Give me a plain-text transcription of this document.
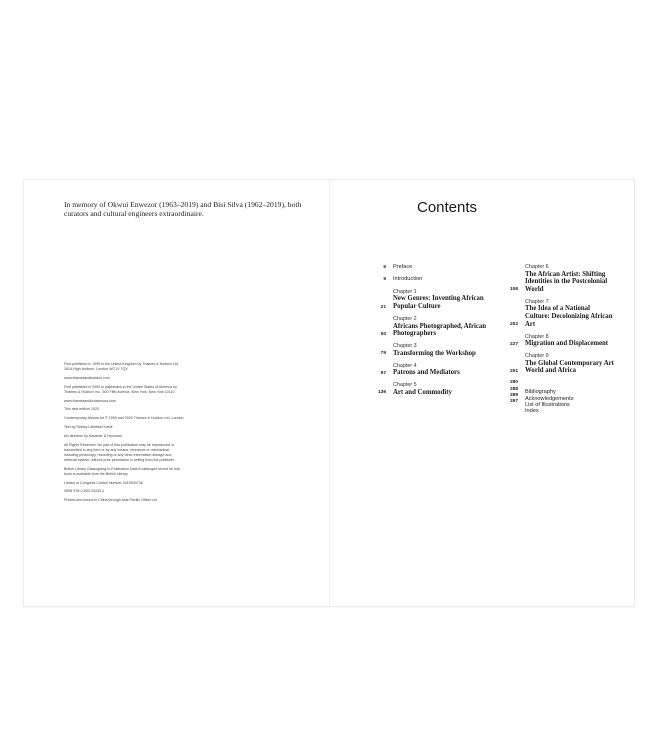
In memory of Okwui Enwezor (1963–2019) and Bisi Silva (1962–2019), both curators and cultural engineers extraordinaire.

First published in 1999 in the United Kingdom by Thames & Hudson Ltd, 181A High Holborn, London WC1V 7QX

www.thamesandhudson.com

First published in 2000 in paperback in the United States of America by Thames & Hudson Inc., 500 Fifth Avenue, New York, New York 10110

www.thamesandhudsonusa.com

This new edition 2020

Contemporary African Art © 1999 and 2020 Thames & Hudson Ltd, London

Text by Sidney Littlefield Kasfir

Art direction by Karamer & Hoorman

All Rights Reserved. No part of this publication may be reproduced or transmitted in any form or by any means, electronic or mechanical, including photocopy, recording or any other information storage and retrieval system, without prior permission in writing from the publisher.

British Library Cataloguing-in-Publication Data A catalogue record for this book is available from the British Library

Library of Congress Control Number 2019940728

ISBN 978-0-500-20433-1

Printed and bound in China through Asia Pacific Offset Ltd

Contents
6 Preface
9 Introduction
21
Chapter 1
New Genres: Inventing African Popular Culture
50
Chapter 2
Africans Photographed, African Photographers
79
Chapter 3
Transforming the Workshop
97
Chapter 4
Patrons and Mediators
136
Chapter 5
Art and Commodity
158
Chapter 6
The African Artist: Shifting Identities in the Postcolonial World
202
Chapter 7
The Idea of a National Culture: Decolonizing African Art
227
Chapter 8
Migration and Displacement
251
Chapter 9
The Global Contemporary Art World and Africa
280
Bibliography
288
Acknowledgements
289
List of Illustrations
297
Index
